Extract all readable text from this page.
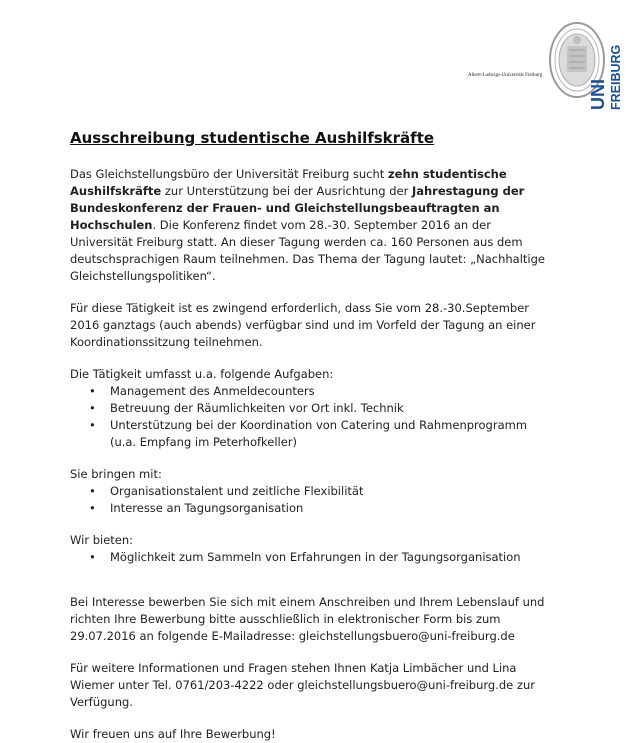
Albert-Ludwigs-Universität Freiburg
UNI FREIBURG
Ausschreibung studentische Aushilfskräfte

Das Gleichstellungsbüro der Universität Freiburg sucht zehn studentische Aushilfskräfte zur Unterstützung bei der Ausrichtung der Jahrestagung der Bundeskonferenz der Frauen- und Gleichstellungsbeauftragten an Hochschulen. Die Konferenz findet vom 28.-30. September 2016 an der Universität Freiburg statt. An dieser Tagung werden ca. 160 Personen aus dem deutschsprachigen Raum teilnehmen. Das Thema der Tagung lautet: „Nachhaltige Gleichstellungspolitiken“.

Für diese Tätigkeit ist es zwingend erforderlich, dass Sie vom 28.-30.September 2016 ganztags (auch abends) verfügbar sind und im Vorfeld der Tagung an einer Koordinationssitzung teilnehmen.

Die Tätigkeit umfasst u.a. folgende Aufgaben:

• Management des Anmeldecounters
• Betreuung der Räumlichkeiten vor Ort inkl. Technik
• Unterstützung bei der Koordination von Catering und Rahmenprogramm (u.a. Empfang im Peterhofkeller)

Sie bringen mit:

• Organisationstalent und zeitliche Flexibilität
• Interesse an Tagungsorganisation

Wir bieten:

• Möglichkeit zum Sammeln von Erfahrungen in der Tagungsorganisation

Bei Interesse bewerben Sie sich mit einem Anschreiben und Ihrem Lebenslauf und richten Ihre Bewerbung bitte ausschließlich in elektronischer Form bis zum 29.07.2016 an folgende E-Mailadresse: gleichstellungsbuero@uni-freiburg.de

Für weitere Informationen und Fragen stehen Ihnen Katja Limbächer und Lina Wiemer unter Tel. 0761/203-4222 oder gleichstellungsbuero@uni-freiburg.de zur Verfügung.

Wir freuen uns auf Ihre Bewerbung!
